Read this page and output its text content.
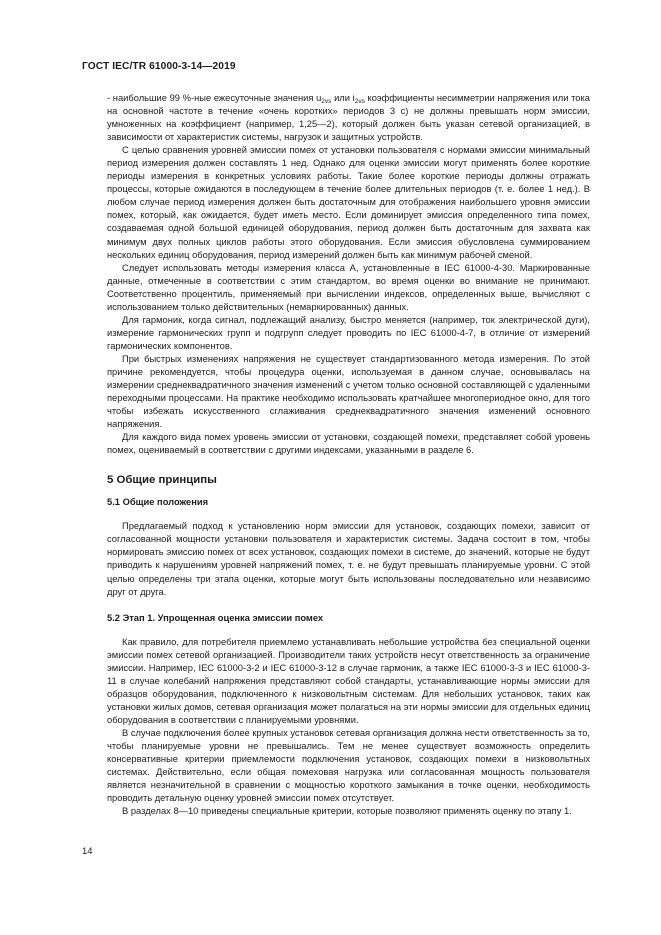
ГОСТ IEC/TR 61000-3-14—2019

- наибольшие 99 %-ные ежесуточные значения $u_{2vs}$ или $i_{2vs}$ коэффициенты несимметрии напряжения или тока на основной частоте в течение «очень коротких» периодов 3 с) не должны превышать норм эмиссии, умноженных на коэффициент (например, 1,25—2), который должен быть указан сетевой организацией, в зависимости от характеристик системы, нагрузок и защитных устройств.

С целью сравнения уровней эмиссии помех от установки пользователя с нормами эмиссии минимальный период измерения должен составлять 1 нед. Однако для оценки эмиссии могут применять более короткие периоды измерения в конкретных условиях работы. Такие более короткие периоды должны отражать процессы, которые ожидаются в последующем в течение более длительных периодов (т. е. более 1 нед.). В любом случае период измерения должен быть достаточным для отображения наибольшего уровня эмиссии помех, который, как ожидается, будет иметь место. Если доминирует эмиссия определенного типа помех, создаваемая одной большой единицей оборудования, период должен быть достаточным для захвата как минимум двух полных циклов работы этого оборудования. Если эмиссия обусловлена суммированием нескольких единиц оборудования, период измерений должен быть как минимум рабочей сменой.

Следует использовать методы измерения класса А, установленные в IEC 61000-4-30. Маркированные данные, отмеченные в соответствии с этим стандартом, во время оценки во внимание не принимают. Соответственно процентиль, применяемый при вычислении индексов, определенных выше, вычисляют с использованием только действительных (немаркированных) данных.

Для гармоник, когда сигнал, подлежащий анализу, быстро меняется (например, ток электрической дуги), измерение гармонических групп и подгрупп следует проводить по IEC 61000-4-7, в отличие от измерений гармонических компонентов.

При быстрых изменениях напряжения не существует стандартизованного метода измерения. По этой причине рекомендуется, чтобы процедура оценки, используемая в данном случае, основывалась на измерении среднеквадратичного значения изменений с учетом только основной составляющей с удаленными переходными процессами. На практике необходимо использовать кратчайшее многопериодное окно, для того чтобы избежать искусственного сглаживания среднеквадратичного значения изменений основного напряжения.

Для каждого вида помех уровень эмиссии от установки, создающей помехи, представляет собой уровень помех, оцениваемый в соответствии с другими индексами, указанными в разделе 6.

5 Общие принципы
5.1 Общие положения

Предлагаемый подход к установлению норм эмиссии для установок, создающих помехи, зависит от согласованной мощности установки пользователя и характеристик системы. Задача состоит в том, чтобы нормировать эмиссию помех от всех установок, создающих помехи в системе, до значений, которые не будут приводить к нарушениям уровней напряжений помех, т. е. не будут превышать планируемые уровни. С этой целью определены три этапа оценки, которые могут быть использованы последовательно или независимо друг от друга.

5.2 Этап 1. Упрощенная оценка эмиссии помех

Как правило, для потребителя приемлемо устанавливать небольшие устройства без специальной оценки эмиссии помех сетевой организацией. Производители таких устройств несут ответственность за ограничение эмиссии. Например, IEC 61000-3-2 и IEC 61000-3-12 в случае гармоник, а также IEC 61000-3-3 и IEC 61000-3-11 в случае колебаний напряжения представляют собой стандарты, устанавливающие нормы эмиссии для образцов оборудования, подключенного к низковольтным системам. Для небольших установок, таких как установки жилых домов, сетевая организация может полагаться на эти нормы эмиссии для отдельных единиц оборудования в соответствии с планируемыми уровнями.

В случае подключения более крупных установок сетевая организация должна нести ответственность за то, чтобы планируемые уровни не превышались. Тем не менее существует возможность определить консервативные критерии приемлемости подключения установок, создающих помехи в низковольтных системах. Действительно, если общая помеховая нагрузка или согласованная мощность пользователя является незначительной в сравнении с мощностью короткого замыкания в точке оценки, необходимость проводить детальную оценку уровней эмиссии помех отсутствует.

В разделах 8—10 приведены специальные критерии, которые позволяют применять оценку по этапу 1.

14
